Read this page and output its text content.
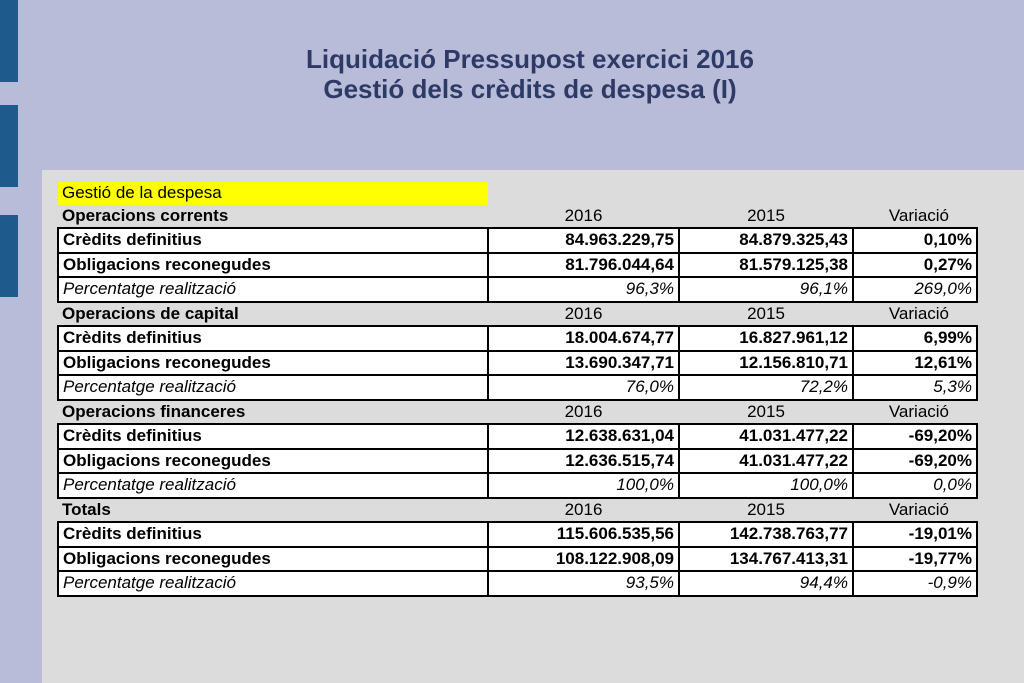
Liquidació Pressupost exercici 2016
Gestió dels crèdits de despesa (I)
Gestió de la despesa			
Operacions corrents	2016	2015	Variació
Crèdits definitius	84.963.229,75	84.879.325,43	0,10%
Obligacions reconegudes	81.796.044,64	81.579.125,38	0,27%
Percentatge realització	96,3%	96,1%	269,0%
Operacions de capital	2016	2015	Variació
Crèdits definitius	18.004.674,77	16.827.961,12	6,99%
Obligacions reconegudes	13.690.347,71	12.156.810,71	12,61%
Percentatge realització	76,0%	72,2%	5,3%
Operacions financeres	2016	2015	Variació
Crèdits definitius	12.638.631,04	41.031.477,22	-69,20%
Obligacions reconegudes	12.636.515,74	41.031.477,22	-69,20%
Percentatge realització	100,0%	100,0%	0,0%
Totals	2016	2015	Variació
Crèdits definitius	115.606.535,56	142.738.763,77	-19,01%
Obligacions reconegudes	108.122.908,09	134.767.413,31	-19,77%
Percentatge realització	93,5%	94,4%	-0,9%
